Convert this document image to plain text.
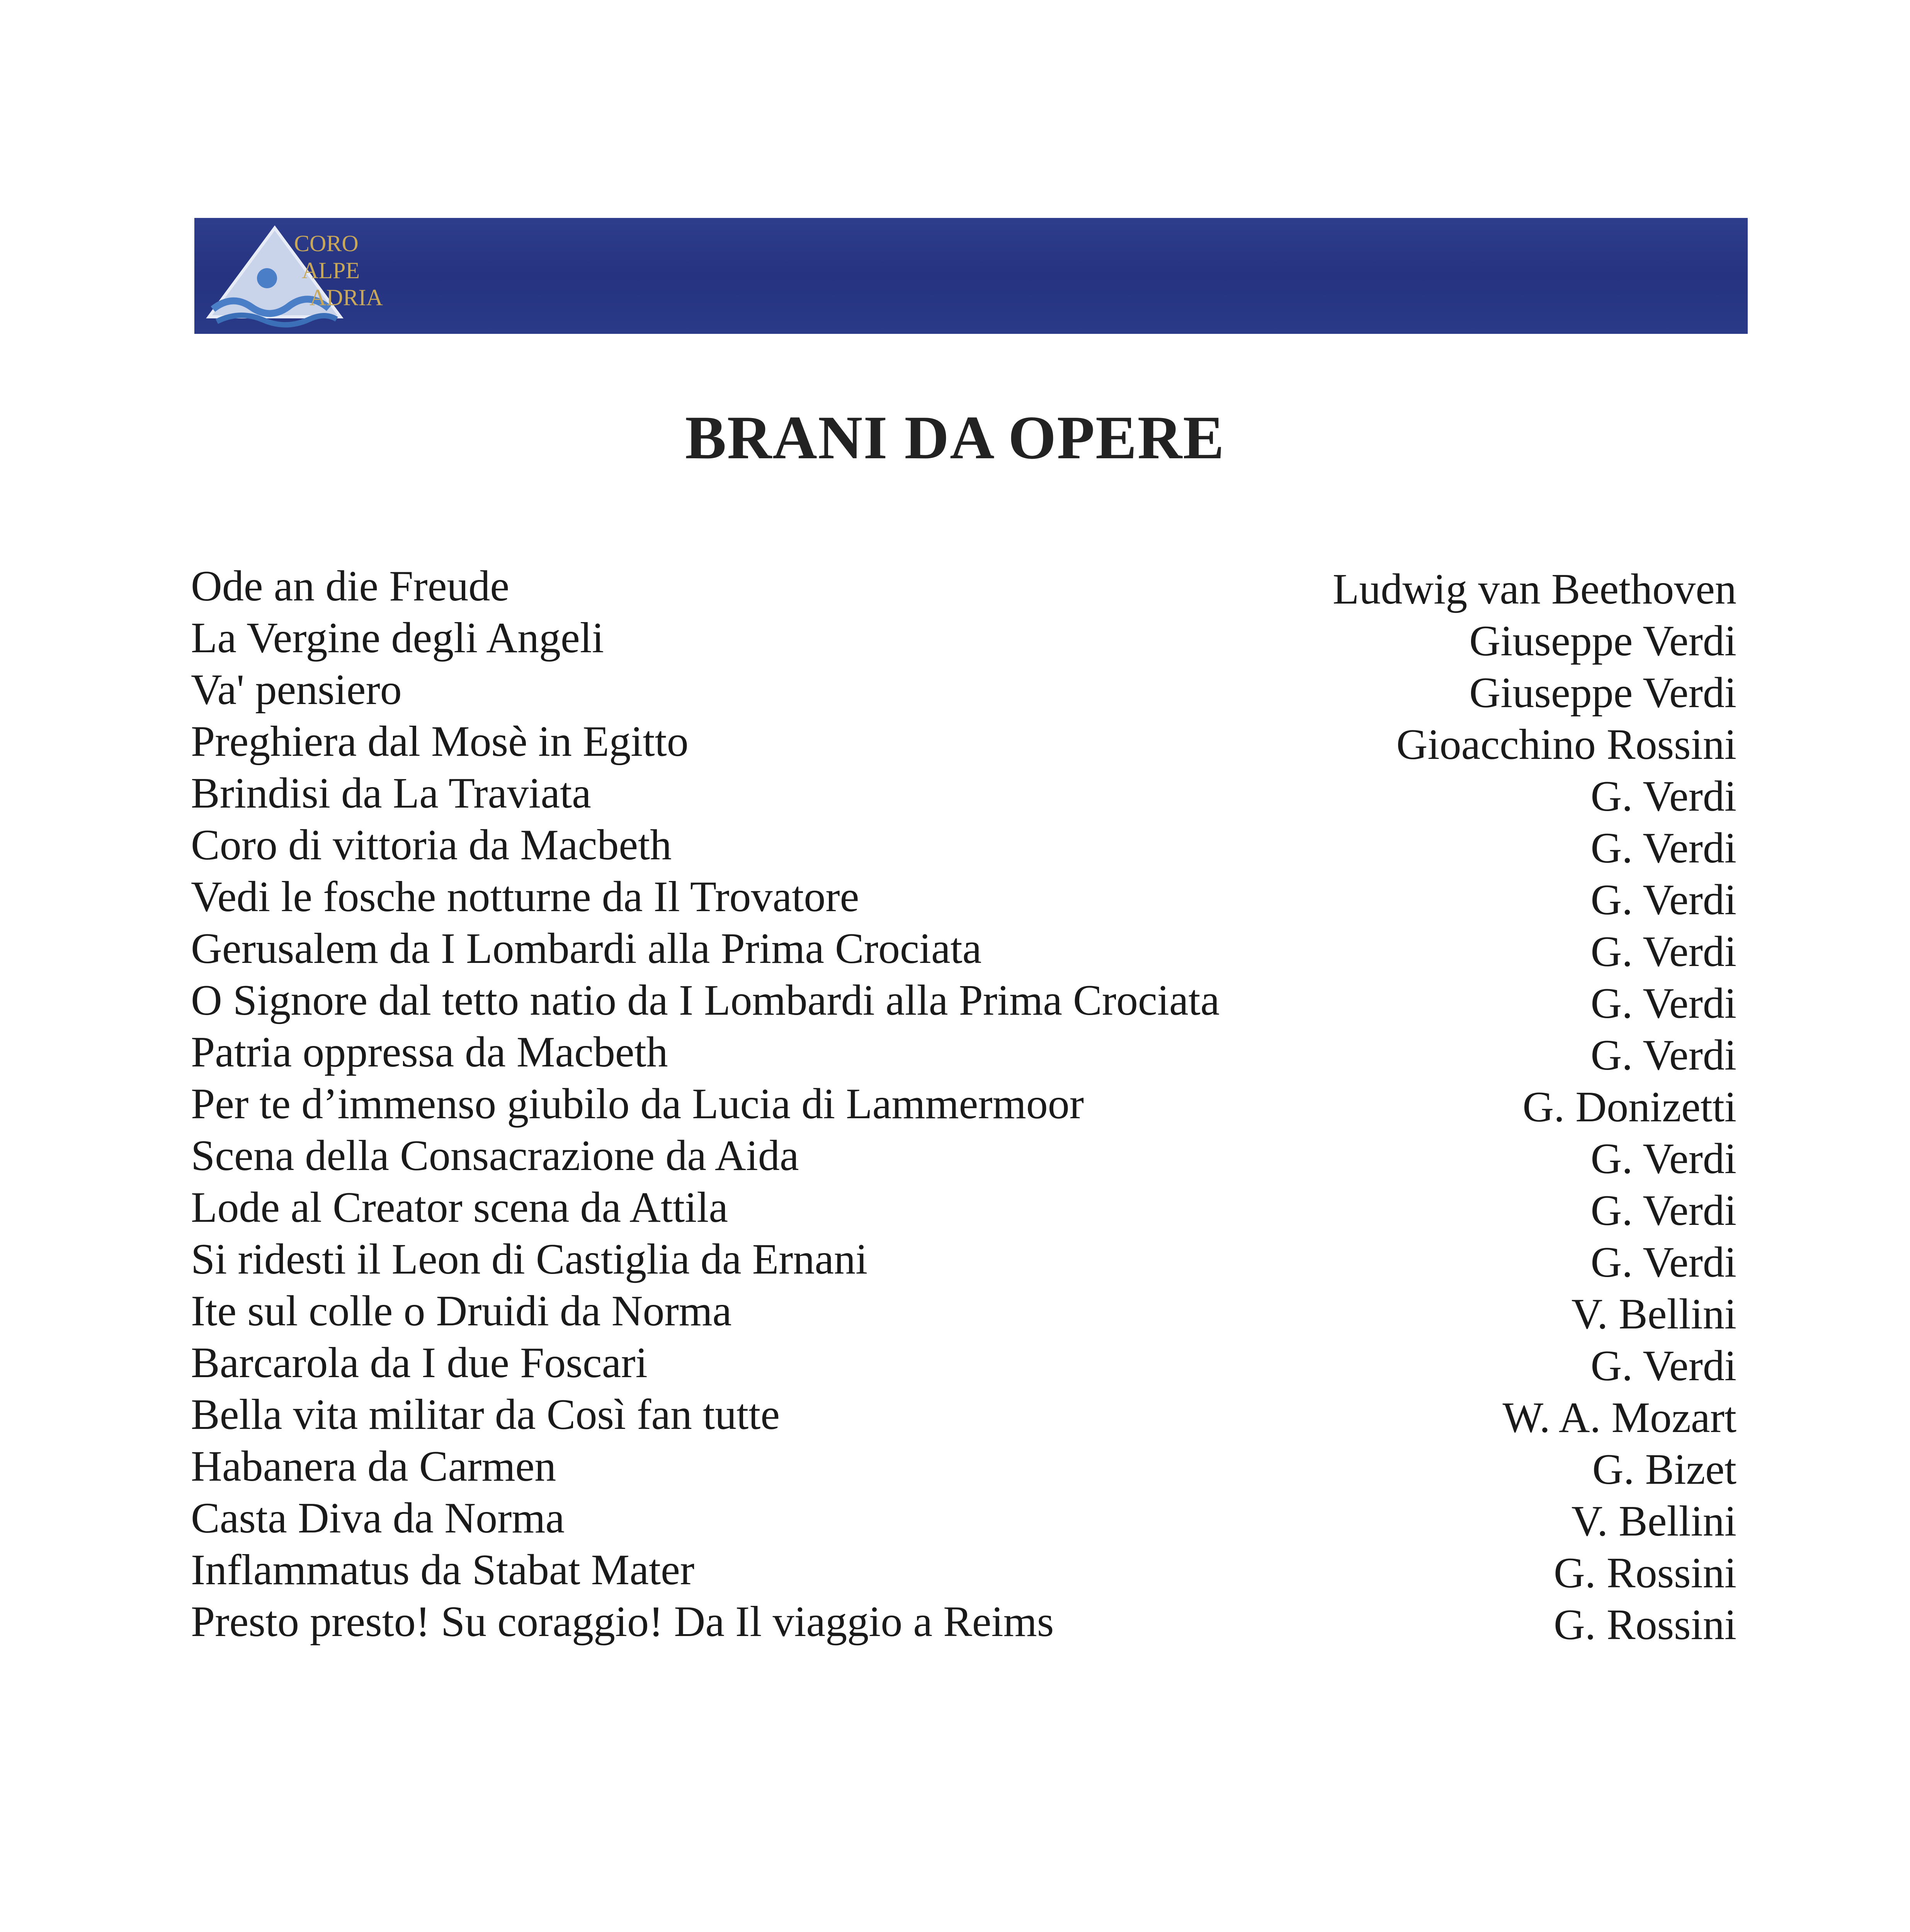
CORO
ALPE
ADRIA
BRANI DA OPERE
Ode an die Freude	Ludwig van Beethoven
La Vergine degli Angeli	Giuseppe Verdi
Va' pensiero	Giuseppe Verdi
Preghiera dal Mosè in Egitto	Gioacchino Rossini
Brindisi da La Traviata	G. Verdi
Coro di vittoria da Macbeth	G. Verdi
Vedi le fosche notturne da Il Trovatore	G. Verdi
Gerusalem da I Lombardi alla Prima Crociata	G. Verdi
O Signore dal tetto natio da I Lombardi alla Prima Crociata	G. Verdi
Patria oppressa da Macbeth	G. Verdi
Per te d’immenso giubilo da Lucia di Lammermoor	G. Donizetti
Scena della Consacrazione da Aida	G. Verdi
Lode al Creator scena da Attila	G. Verdi
Si ridesti il Leon di Castiglia da Ernani	G. Verdi
Ite sul colle o Druidi da Norma	V. Bellini
Barcarola da I due Foscari	G. Verdi
Bella vita militar da Così fan tutte	W. A. Mozart
Habanera da Carmen	G. Bizet
Casta Diva da Norma	V. Bellini
Inflammatus da Stabat Mater	G. Rossini
Presto presto! Su coraggio! Da Il viaggio a Reims	G. Rossini
